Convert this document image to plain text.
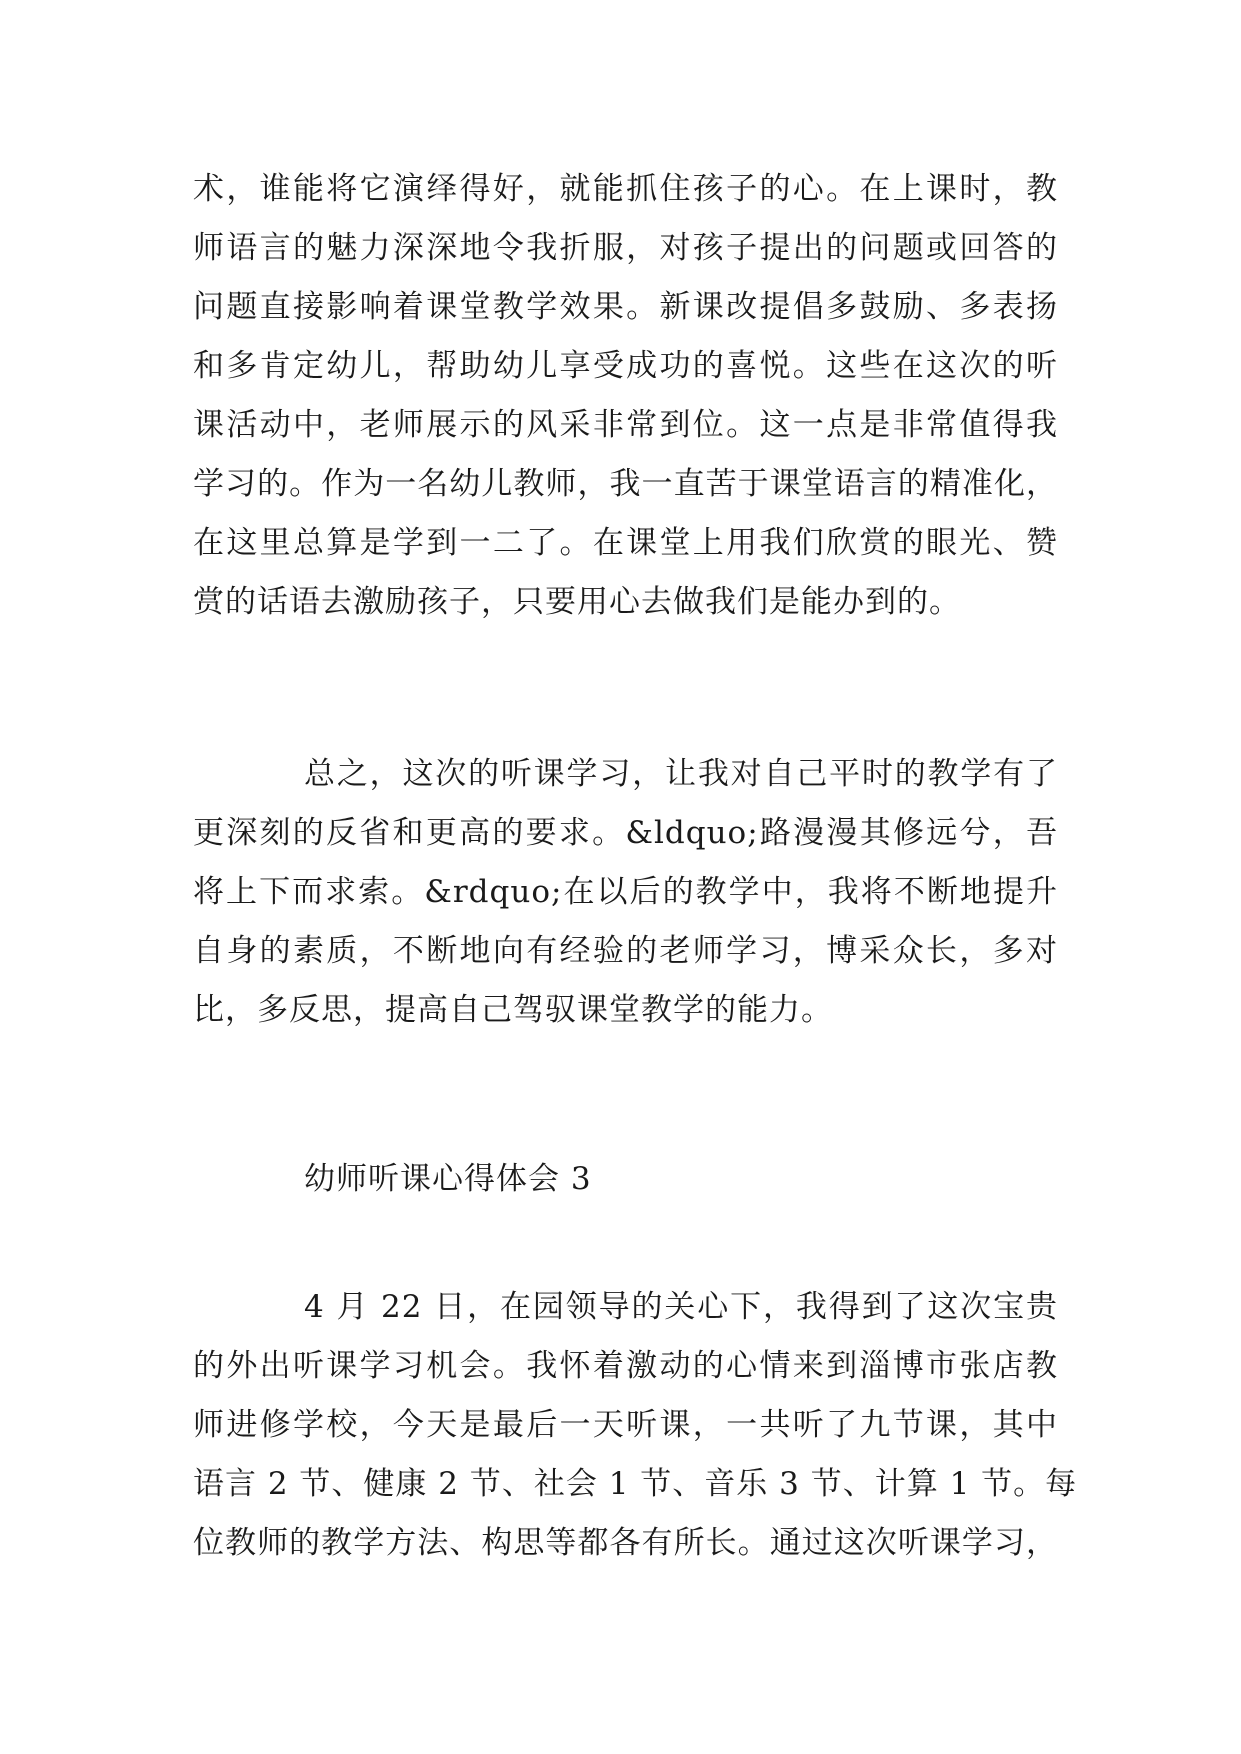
术，谁能将它演绎得好，就能抓住孩子的心。在上课时，教
师语言的魅力深深地令我折服，对孩子提出的问题或回答的
问题直接影响着课堂教学效果。新课改提倡多鼓励、多表扬
和多肯定幼儿，帮助幼儿享受成功的喜悦。这些在这次的听
课活动中，老师展示的风采非常到位。这一点是非常值得我
学习的。作为一名幼儿教师，我一直苦于课堂语言的精准化，
在这里总算是学到一二了。在课堂上用我们欣赏的眼光、赞
赏的话语去激励孩子，只要用心去做我们是能办到的。
总之，这次的听课学习，让我对自己平时的教学有了
更深刻的反省和更高的要求。&ldquo;路漫漫其修远兮，吾
将上下而求索。&rdquo;在以后的教学中，我将不断地提升
自身的素质，不断地向有经验的老师学习，博采众长，多对
比，多反思，提高自己驾驭课堂教学的能力。
幼师听课心得体会 3
4 月 22 日，在园领导的关心下，我得到了这次宝贵
的外出听课学习机会。我怀着激动的心情来到淄博市张店教
师进修学校，今天是最后一天听课，一共听了九节课，其中
语言 2 节、健康 2 节、社会 1 节、音乐 3 节、计算 1 节。每
位教师的教学方法、构思等都各有所长。通过这次听课学习，
